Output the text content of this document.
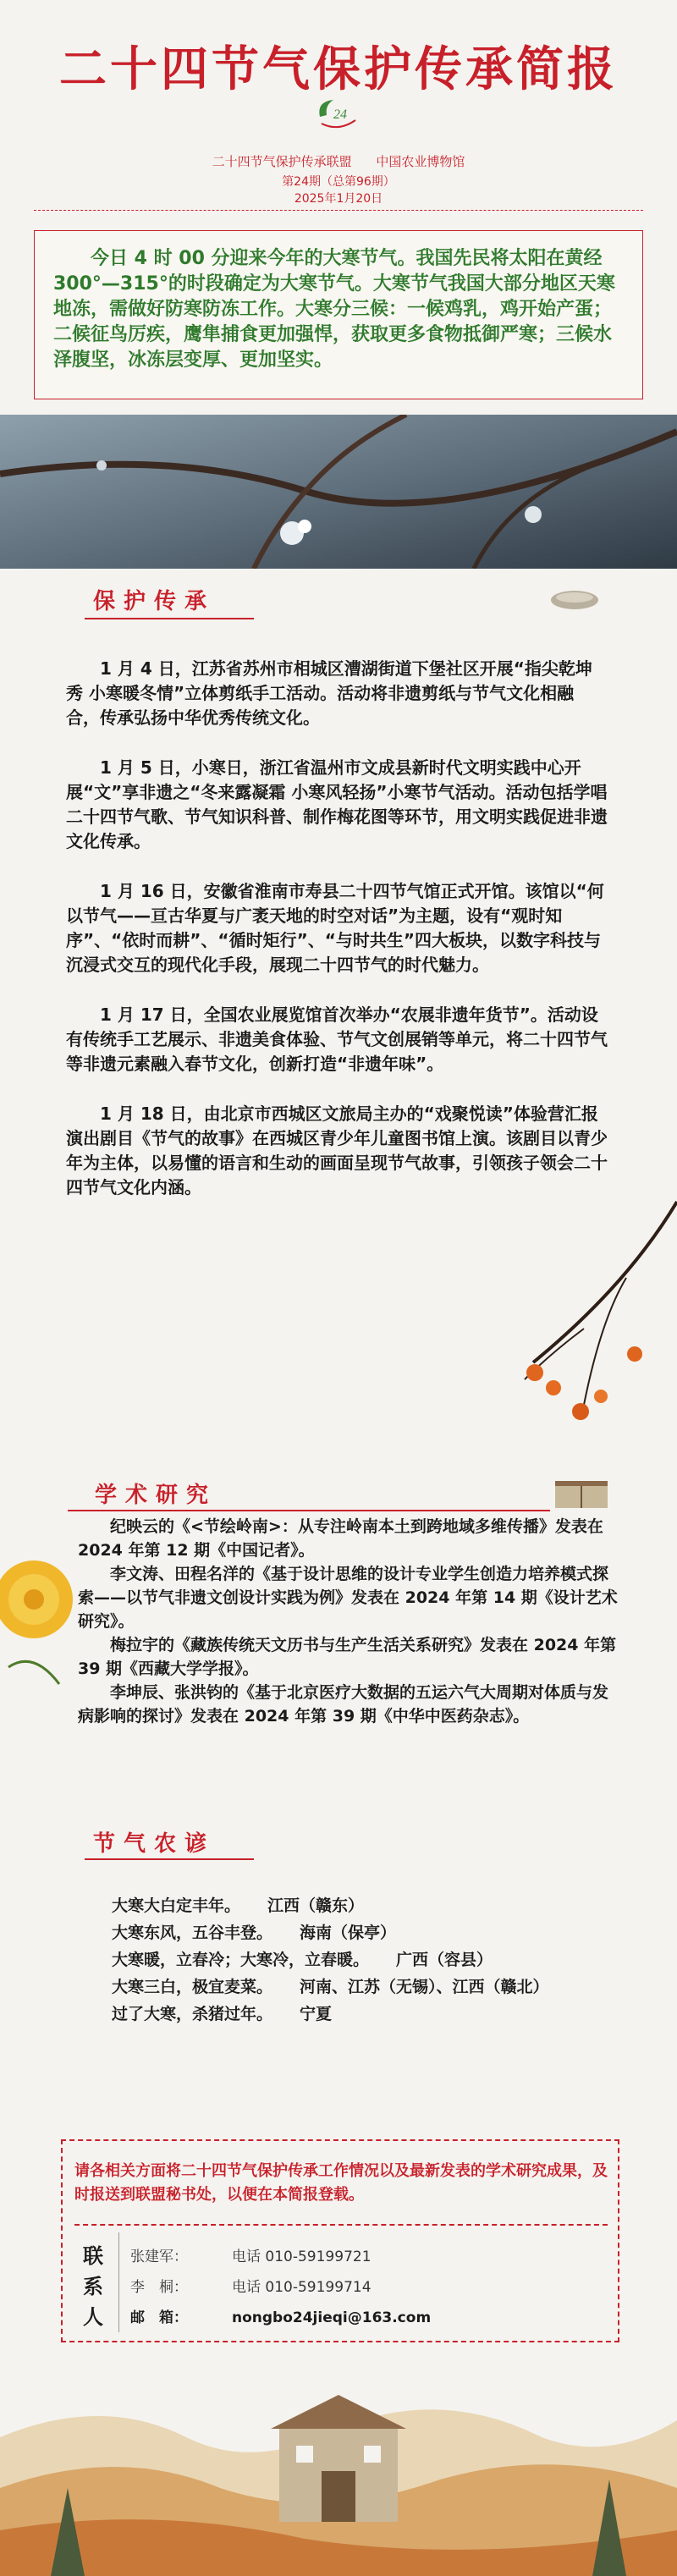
二十四节气保护传承简报
24
二十四节气保护传承联盟 中国农业博物馆
第24期（总第96期）
2025年1月20日

今日 4 时 00 分迎来今年的大寒节气。我国先民将太阳在黄经 300°—315°的时段确定为大寒节气。大寒节气我国大部分地区天寒地冻，需做好防寒防冻工作。大寒分三候：一候鸡乳，鸡开始产蛋；二候征鸟厉疾，鹰隼捕食更加强悍，获取更多食物抵御严寒；三候水泽腹坚，冰冻层变厚、更加坚实。

保护传承

1 月 4 日，江苏省苏州市相城区漕湖街道下堡社区开展“指尖乾坤秀 小寒暖冬情”立体剪纸手工活动。活动将非遗剪纸与节气文化相融合，传承弘扬中华优秀传统文化。

1 月 5 日，小寒日，浙江省温州市文成县新时代文明实践中心开展“文”享非遗之“冬来露凝霜 小寒风轻扬”小寒节气活动。活动包括学唱二十四节气歌、节气知识科普、制作梅花图等环节，用文明实践促进非遗文化传承。

1 月 16 日，安徽省淮南市寿县二十四节气馆正式开馆。该馆以“何以节气——亘古华夏与广袤天地的时空对话”为主题，设有“观时知序”、“依时而耕”、“循时矩行”、“与时共生”四大板块，以数字科技与沉浸式交互的现代化手段，展现二十四节气的时代魅力。

1 月 17 日，全国农业展览馆首次举办“农展非遗年货节”。活动设有传统手工艺展示、非遗美食体验、节气文创展销等单元，将二十四节气等非遗元素融入春节文化，创新打造“非遗年味”。

1 月 18 日，由北京市西城区文旅局主办的“戏聚悦读”体验营汇报演出剧目《节气的故事》在西城区青少年儿童图书馆上演。该剧目以青少年为主体，以易懂的语言和生动的画面呈现节气故事，引领孩子领会二十四节气文化内涵。

学术研究

纪映云的《<节绘岭南>：从专注岭南本土到跨地域多维传播》发表在 2024 年第 12 期《中国记者》。

李文涛、田程名洋的《基于设计思维的设计专业学生创造力培养模式探索——以节气非遗文创设计实践为例》发表在 2024 年第 14 期《设计艺术研究》。

梅拉宇的《藏族传统天文历书与生产生活关系研究》发表在 2024 年第 39 期《西藏大学学报》。

李坤辰、张洪钧的《基于北京医疗大数据的五运六气大周期对体质与发病影响的探讨》发表在 2024 年第 39 期《中华中医药杂志》。

节气农谚
大寒大白定丰年。 江西（赣东）
大寒东风，五谷丰登。 海南（保亭）
大寒暖，立春冷；大寒冷，立春暖。 广西（容县）
大寒三白，极宜麦菜。 河南、江苏（无锡）、江西（赣北）
过了大寒，杀猪过年。 宁夏
请各相关方面将二十四节气保护传承工作情况以及最新发表的学术研究成果，及时报送到联盟秘书处，以便在本简报登载。
联系人
张建军：	电话 010-59199721
李　桐：	电话 010-59199714
邮　箱：	nongbo24jieqi@163.com
